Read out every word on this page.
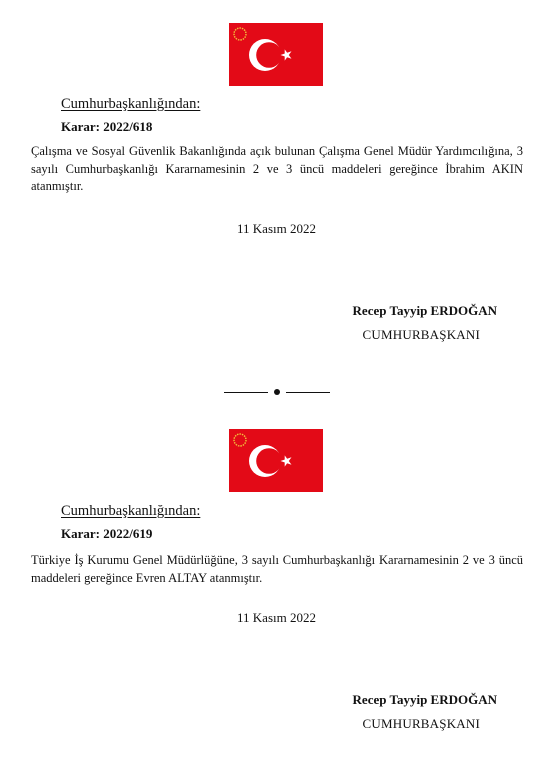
Cumhurbaşkanlığından:
Karar: 2022/618
Çalışma ve Sosyal Güvenlik Bakanlığında açık bulunan Çalışma Genel Müdür Yardımcılığına, 3 sayılı Cumhurbaşkanlığı Kararnamesinin 2 ve 3 üncü maddeleri gereğince İbrahim AKIN atanmıştır.
11 Kasım 2022
Recep Tayyip ERDOĞAN
CUMHURBAŞKANI
Cumhurbaşkanlığından:
Karar: 2022/619
Türkiye İş Kurumu Genel Müdürlüğüne, 3 sayılı Cumhurbaşkanlığı Kararnamesinin 2 ve 3 üncü maddeleri gereğince Evren ALTAY atanmıştır.
11 Kasım 2022
Recep Tayyip ERDOĞAN
CUMHURBAŞKANI
